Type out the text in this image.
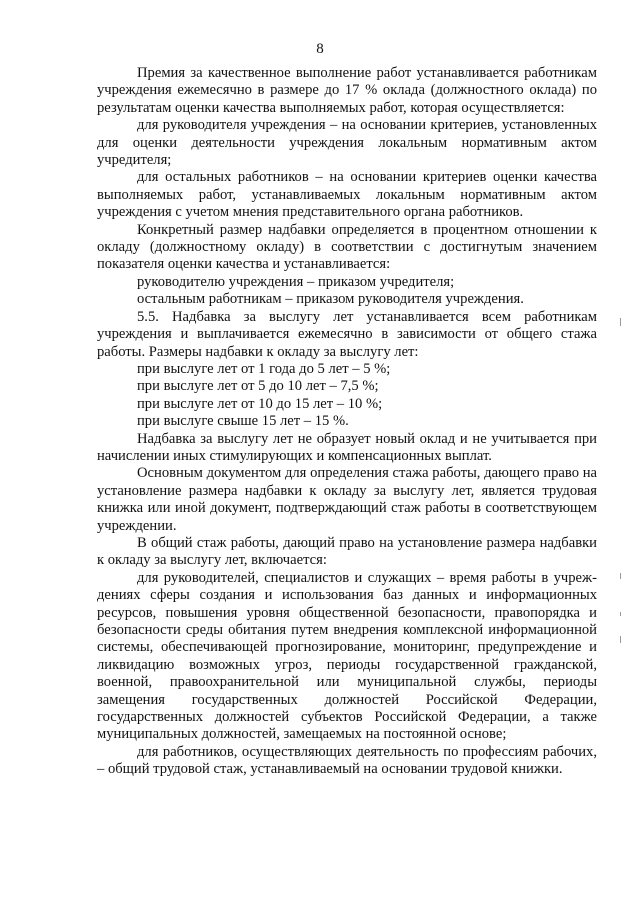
8

Премия за качественное выполнение работ устанавливается работникам учреждения ежемесячно в размере до 17 % оклада (должностного оклада) по результатам оценки качества выполняемых работ, которая осуществляется:

для руководителя учреждения – на основании критериев, установленных для оценки деятельности учреждения локальным нормативным актом учредителя;

для остальных работников – на основании критериев оценки качества выполняемых работ, устанавливаемых локальным нормативным актом учреждения с учетом мнения представительного органа работников.

Конкретный размер надбавки определяется в процентном отношении к окладу (должностному окладу) в соответствии с достигнутым значением показателя оценки качества и устанавливается:

руководителю учреждения – приказом учредителя;

остальным работникам – приказом руководителя учреждения.

5.5. Надбавка за выслугу лет устанавливается всем работникам учреждения и выплачивается ежемесячно в зависимости от общего стажа работы. Размеры надбавки к окладу за выслугу лет:

при выслуге лет от 1 года до 5 лет – 5 %;

при выслуге лет от 5 до 10 лет – 7,5 %;

при выслуге лет от 10 до 15 лет – 10 %;

при выслуге свыше 15 лет – 15 %.

Надбавка за выслугу лет не образует новый оклад и не учитывается при начислении иных стимулирующих и компенсационных выплат.

Основным документом для определения стажа работы, дающего право на установление размера надбавки к окладу за выслугу лет, является трудовая книжка или иной документ, подтверждающий стаж работы в соответствующем учреждении.

В общий стаж работы, дающий право на установление размера надбавки к окладу за выслугу лет, включается:

для руководителей, специалистов и служащих – время работы в учреждениях сферы создания и использования баз данных и информационных ресурсов, повышения уровня общественной безопасности, правопорядка и безопасности среды обитания путем внедрения комплексной информационной системы, обеспечивающей прогнозирование, мониторинг, предупреждение и ликвидацию возможных угроз, периоды государственной гражданской, военной, правоохранительной или муниципальной службы, периоды замещения государственных должностей Российской Федерации, государственных должностей субъектов Российской Федерации, а также муниципальных должностей, замещаемых на постоянной основе;

для работников, осуществляющих деятельность по профессиям рабочих, – общий трудовой стаж, устанавливаемый на основании трудовой книжки.
